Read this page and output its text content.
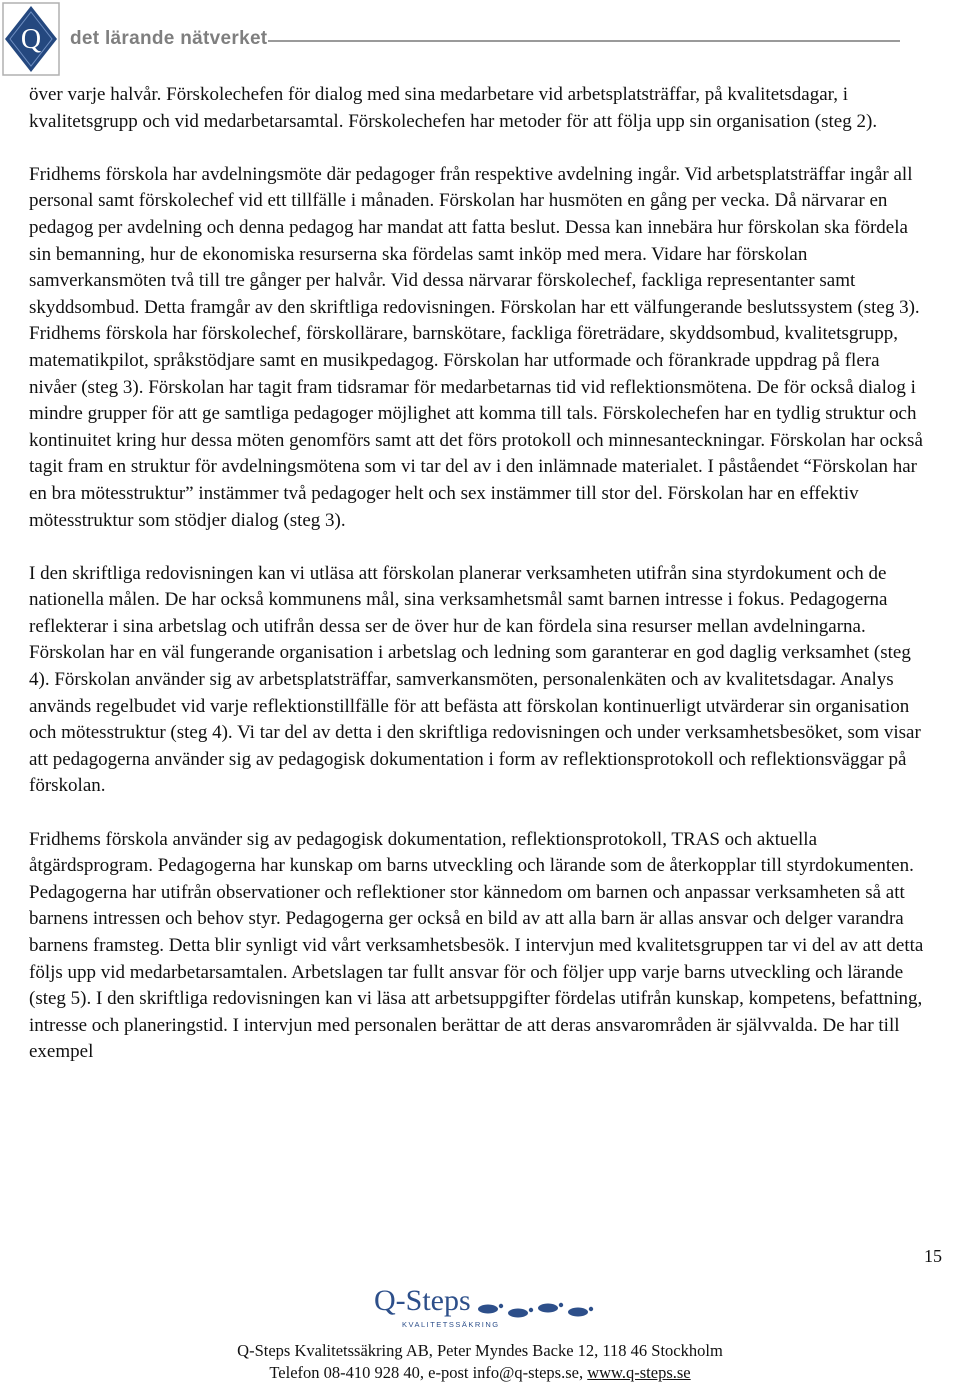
Q det lärande nätverket

över varje halvår. Förskolechefen för dialog med sina medarbetare vid arbetsplatsträffar, på kvalitetsdagar, i kvalitetsgrupp och vid medarbetarsamtal. Förskolechefen har metoder för att följa upp sin organisation (steg 2).

Fridhems förskola har avdelningsmöte där pedagoger från respektive avdelning ingår. Vid arbetsplatsträffar ingår all personal samt förskolechef vid ett tillfälle i månaden. Förskolan har husmöten en gång per vecka. Då närvarar en pedagog per avdelning och denna pedagog har mandat att fatta beslut. Dessa kan innebära hur förskolan ska fördela sin bemanning, hur de ekonomiska resurserna ska fördelas samt inköp med mera. Vidare har förskolan samverkansmöten två till tre gånger per halvår. Vid dessa närvarar förskolechef, fackliga representanter samt skyddsombud. Detta framgår av den skriftliga redovisningen. Förskolan har ett välfungerande beslutssystem (steg 3). Fridhems förskola har förskolechef, förskollärare, barnskötare, fackliga företrädare, skyddsombud, kvalitetsgrupp, matematikpilot, språkstödjare samt en musikpedagog. Förskolan har utformade och förankrade uppdrag på flera nivåer (steg 3). Förskolan har tagit fram tidsramar för medarbetarnas tid vid reflektionsmötena. De för också dialog i mindre grupper för att ge samtliga pedagoger möjlighet att komma till tals. Förskolechefen har en tydlig struktur och kontinuitet kring hur dessa möten genomförs samt att det förs protokoll och minnesanteckningar. Förskolan har också tagit fram en struktur för avdelningsmötena som vi tar del av i den inlämnade materialet. I påståendet “Förskolan har en bra mötesstruktur” instämmer två pedagoger helt och sex instämmer till stor del. Förskolan har en effektiv mötesstruktur som stödjer dialog (steg 3).

I den skriftliga redovisningen kan vi utläsa att förskolan planerar verksamheten utifrån sina styrdokument och de nationella målen. De har också kommunens mål, sina verksamhetsmål samt barnen intresse i fokus. Pedagogerna reflekterar i sina arbetslag och utifrån dessa ser de över hur de kan fördela sina resurser mellan avdelningarna. Förskolan har en väl fungerande organisation i arbetslag och ledning som garanterar en god daglig verksamhet (steg 4). Förskolan använder sig av arbetsplatsträffar, samverkansmöten, personalenkäten och av kvalitetsdagar. Analys används regelbudet vid varje reflektionstillfälle för att befästa att förskolan kontinuerligt utvärderar sin organisation och mötesstruktur (steg 4). Vi tar del av detta i den skriftliga redovisningen och under verksamhetsbesöket, som visar att pedagogerna använder sig av pedagogisk dokumentation i form av reflektionsprotokoll och reflektionsväggar på förskolan.

Fridhems förskola använder sig av pedagogisk dokumentation, reflektionsprotokoll, TRAS och aktuella åtgärdsprogram. Pedagogerna har kunskap om barns utveckling och lärande som de återkopplar till styrdokumenten. Pedagogerna har utifrån observationer och reflektioner stor kännedom om barnen och anpassar verksamheten så att barnens intressen och behov styr. Pedagogerna ger också en bild av att alla barn är allas ansvar och delger varandra barnens framsteg. Detta blir synligt vid vårt verksamhetsbesök. I intervjun med kvalitetsgruppen tar vi del av att detta följs upp vid medarbetarsamtalen. Arbetslagen tar fullt ansvar för och följer upp varje barns utveckling och lärande (steg 5). I den skriftliga redovisningen kan vi läsa att arbetsuppgifter fördelas utifrån kunskap, kompetens, befattning, intresse och planeringstid. I intervjun med personalen berättar de att deras ansvarområden är självvalda. De har till exempel

15
Q-Steps
KVALITETSSÄKRING
Q-Steps Kvalitetssäkring AB, Peter Myndes Backe 12, 118 46 Stockholm
Telefon 08-410 928 40, e-post info@q-steps.se, www.q-steps.se
